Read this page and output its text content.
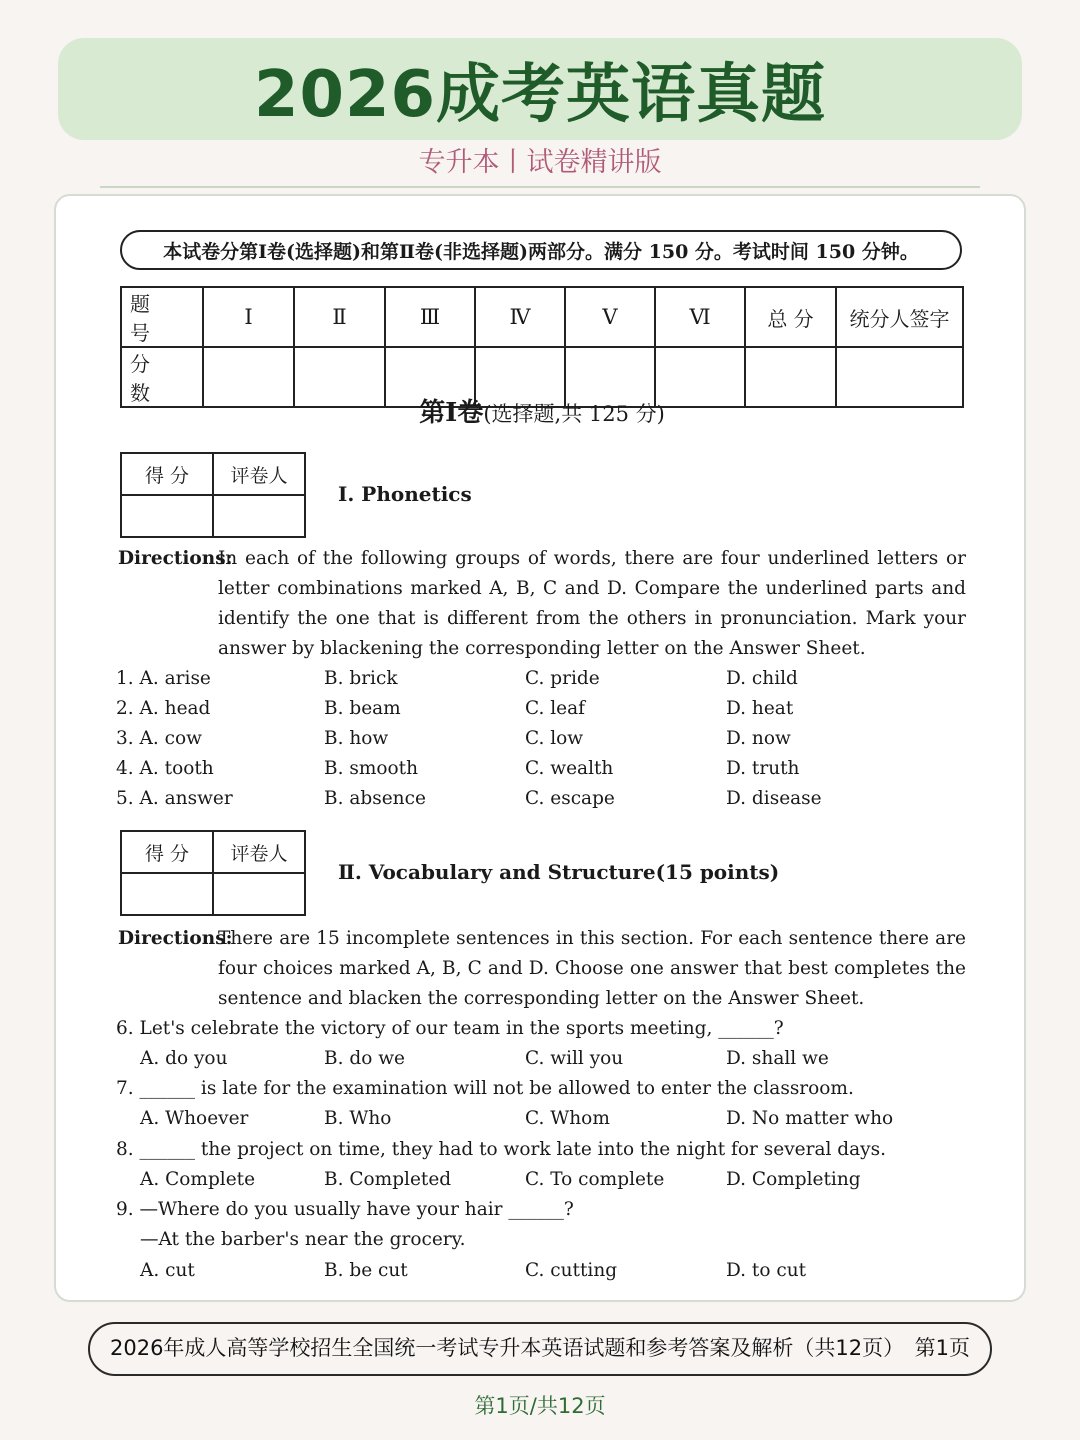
2026成考英语真题
专升本丨试卷精讲版
本试卷分第Ⅰ卷(选择题)和第Ⅱ卷(非选择题)两部分。满分 150 分。考试时间 150 分钟。
题 号	Ⅰ	Ⅱ	Ⅲ	Ⅳ	Ⅴ	Ⅵ	总 分	统分人签字
分 数								
第Ⅰ卷(选择题,共 125 分)
得 分	评卷人

Ⅰ. Phonetics
Directions:
In each of the following groups of words, there are four underlined letters or letter combinations marked A, B, C and D. Compare the underlined parts and identify the one that is different from the others in pronunciation. Mark your answer by blackening the corresponding letter on the Answer Sheet.
1. A. arise	B. brick	C. pride	D. child
2. A. head	B. beam	C. leaf	D. heat
3. A. cow	B. how	C. low	D. now
4. A. tooth	B. smooth	C. wealth	D. truth
5. A. answer	B. absence	C. escape	D. disease
得 分	评卷人

Ⅱ. Vocabulary and Structure(15 points)
Directions:
There are 15 incomplete sentences in this section. For each sentence there are four choices marked A, B, C and D. Choose one answer that best completes the sentence and blacken the corresponding letter on the Answer Sheet.
6. Let's celebrate the victory of our team in the sports meeting, ______?
A. do you	B. do we	C. will you	D. shall we
7. ______ is late for the examination will not be allowed to enter the classroom.
A. Whoever	B. Who	C. Whom	D. No matter who
8. ______ the project on time, they had to work late into the night for several days.
A. Complete	B. Completed	C. To complete	D. Completing
9. —Where do you usually have your hair ______?
—At the barber's near the grocery.
A. cut	B. be cut	C. cutting	D. to cut
2026年成人高等学校招生全国统一考试专升本英语试题和参考答案及解析（共12页）　第1页
第1页/共12页
